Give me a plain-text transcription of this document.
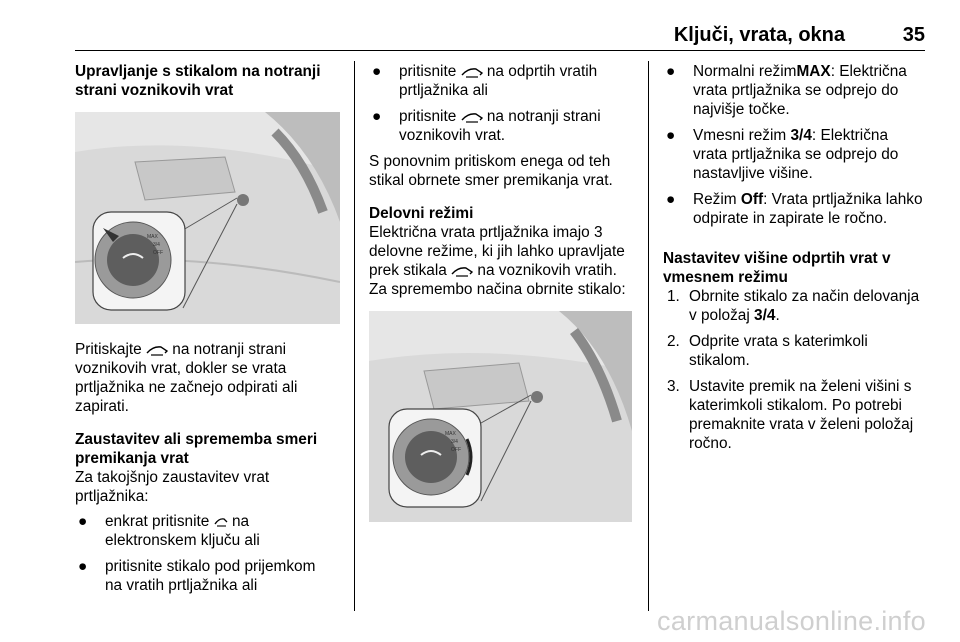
Ključi, vrata, okna	35

Upravljanje s stikalom na notranji
strani voznikovih vrat

MAX
3/4
OFF

Pritiskajte na notranji strani
voznikovih vrat, dokler se vrata
prtljažnika ne začnejo odpirati ali
zapirati.

Zaustavitev ali sprememba smeri
premikanja vrat

Za takojšnjo zaustavitev vrat
prtljažnika:

● enkrat pritisnite na
elektronskem ključu ali
● pritisnite stikalo pod prijemkom
na vratih prtljažnika ali
● pritisnite na odprtih vratih
prtljažnika ali
● pritisnite na notranji strani
voznikovih vrat.

S ponovnim pritiskom enega od teh
stikal obrnete smer premikanja vrat.

Delovni režimi

Električna vrata prtljažnika imajo 3
delovne režime, ki jih lahko upravljate
prek stikala na voznikovih vratih.
Za spremembo načina obrnite stikalo:

MAX
3/4
OFF
● Normalni režimMAX: Električna
vrata prtljažnika se odprejo do
najvišje točke.
● Vmesni režim 3/4: Električna
vrata prtljažnika se odprejo do
nastavljive višine.
● Režim Off: Vrata prtljažnika lahko
odpirate in zapirate le ročno.

Nastavitev višine odprtih vrat v
vmesnem režimu

1. Obrnite stikalo za način delovanja
v položaj 3/4.
2. Odprite vrata s katerimkoli
stikalom.
3. Ustavite premik na želeni višini s
katerimkoli stikalom. Po potrebi
premaknite vrata v želeni položaj
ročno.
carmanualsonline.info
